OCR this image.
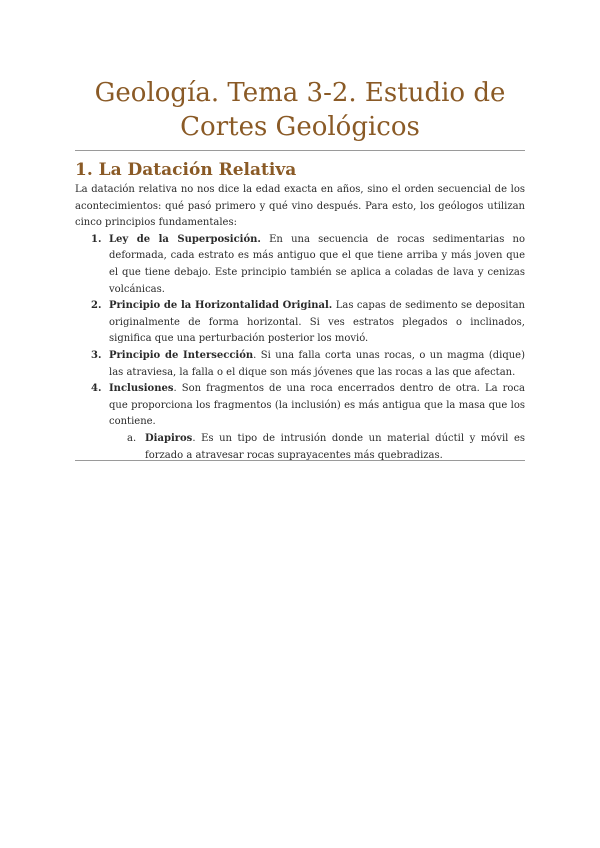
Geología. Tema 3-2. Estudio de Cortes Geológicos
1. La Datación Relativa

La datación relativa no nos dice la edad exacta en años, sino el orden secuencial de los acontecimientos: qué pasó primero y qué vino después. Para esto, los geólogos utilizan cinco principios fundamentales:

Ley de la Superposición. En una secuencia de rocas sedimentarias no deformada, cada estrato es más antiguo que el que tiene arriba y más joven que el que tiene debajo. Este principio también se aplica a coladas de lava y cenizas volcánicas.
Principio de la Horizontalidad Original. Las capas de sedimento se depositan originalmente de forma horizontal. Si ves estratos plegados o inclinados, significa que una perturbación posterior los movió.
Principio de Intersección. Si una falla corta unas rocas, o un magma (dique) las atraviesa, la falla o el dique son más jóvenes que las rocas a las que afectan.
Inclusiones. Son fragmentos de una roca encerrados dentro de otra. La roca que proporciona los fragmentos (la inclusión) es más antigua que la masa que los contiene.
a. Diapiros. Es un tipo de intrusión donde un material dúctil y móvil es forzado a atravesar rocas suprayacentes más quebradizas.
